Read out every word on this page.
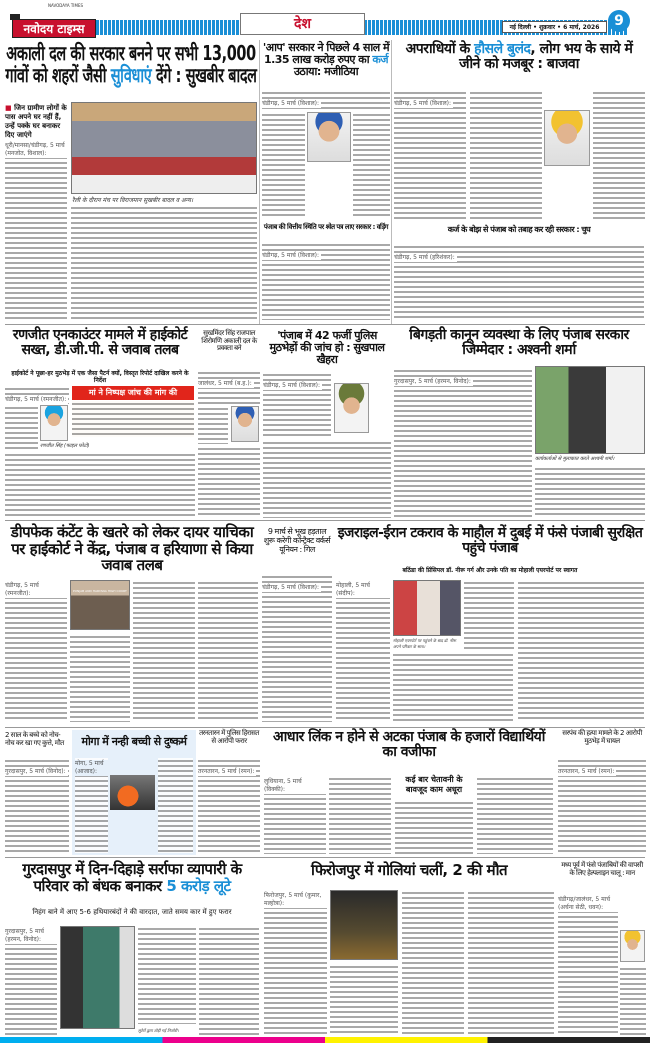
NAVODAYA TIMES
नवोदय टाइम्स	देश	नई दिल्ली • शुक्रवार • 6 मार्च, 2026	9
अकाली दल की सरकार बनने पर सभी 13,000 गांवों को शहरों जैसी सुविधाएं देंगे : सुखबीर बादल
■ जिन ग्रामीण लोगों के पास अपने घर नहीं हैं, उन्हें पक्के घर बनाकर दिए जाएंगे
रैली के दौरान मंच पर विराजमान सुखबीर बादल व अन्य।
धूरी/मानसा/चंडीगढ़, 5 मार्च (मनजोत, विशाल):
'आप' सरकार ने पिछले 4 साल में 1.35 लाख करोड़ रुपए का कर्ज उठाया: मजीठिया
चंडीगढ़, 5 मार्च (विशाल):
पंजाब की वित्तीय स्थिति पर श्वेत पत्र लाए सरकार : वड़िंग
चंडीगढ़, 5 मार्च (विशाल):
अपराधियों के हौसले बुलंद, लोग भय के साये में जीने को मजबूर : बाजवा
चंडीगढ़, 5 मार्च (विशाल):
कर्ज के बोझ से पंजाब को तबाह कर रही सरकार : चुघ
चंडीगढ़, 5 मार्च (हरिशंकर):
रणजीत एनकाउंटर मामले में हाईकोर्ट सख्त, डी.जी.पी. से जवाब तलब
हाईकोर्ट ने पूछा-हर मुठभेड़ में एक जैसा पैटर्न क्यों, विस्तृत रिपोर्ट दाखिल करने के निर्देश
मां ने निष्पक्ष जांच की मांग की
चंडीगढ़, 5 मार्च (रमनजीत):
रणजीत सिंह (फाइल फोटो)
सुखमिंदर सिंह राजपाल शिरोमणि अकाली दल के प्रवक्ता बने
जालंधर, 5 मार्च (ब.ह.):
'पंजाब में 42 फर्जी पुलिस मुठभेड़ों की जांच हो : सुखपाल खैहरा
चंडीगढ़, 5 मार्च (विशाल):
बिगड़ती कानून व्यवस्था के लिए पंजाब सरकार जिम्मेदार : अश्वनी शर्मा
कार्यकर्ताओं से मुलाकात करते अश्वनी शर्मा।
गुरदासपुर, 5 मार्च (हरमन, विनोद):
डीपफेक कंटेंट के खतरे को लेकर दायर याचिका पर हाईकोर्ट ने केंद्र, पंजाब व हरियाणा से किया जवाब तलब
PUNJAB AND HARYANA HIGH COURT
चंडीगढ़, 5 मार्च (रमनजीत):
9 मार्च से भूख हड़ताल शुरू करेगी कॉन्ट्रैक्ट वर्कर्स यूनियन : गिल
चंडीगढ़, 5 मार्च (विशाल):
इजराइल-ईरान टकराव के माहौल में दुबई में फंसे पंजाबी सुरक्षित पहुंचे पंजाब
बठिंडा की प्रिंसिपल डॉ. नीरू गर्ग और उनके पति का मोहाली एयरपोर्ट पर स्वागत
मोहाली एयरपोर्ट पर पहुंचने के बाद डॉ. नीरू अपने परिवार के साथ।
मोहाली, 5 मार्च (संदीप):
2 साल के बच्चे को नोच-नोच कर खा गए कुत्ते, मौत
गुरदासपुर, 5 मार्च (विनोद):
मोगा में नन्ही बच्ची से दुष्कर्म
मोगा, 5 मार्च (आजाद):
तरनतारन में पुलिस हिरासत से आरोपी फरार
तरनतारन, 5 मार्च (रमन):
आधार लिंक न होने से अटका पंजाब के हजारों विद्यार्थियों का वजीफा
कई बार चेतावनी के बावजूद काम अधूरा
लुधियाना, 5 मार्च (विक्की):
सरपंच की हत्या मामले के 2 आरोपी मुठभेड़ में घायल
तरनतारन, 5 मार्च (रमन):
गुरदासपुर में दिन-दिहाड़े सर्राफा व्यापारी के परिवार को बंधक बनाकर 5 करोड़ लूटे
निहंग बाने में आए 5-6 हथियारबंदों ने की वारदात, जाते समय कार में हुए फरार
लुटेरों द्वारा तोड़ी गई तिजोरी।
गुरदासपुर, 5 मार्च (हरमन, विनोद):
फिरोजपुर में गोलियां चलीं, 2 की मौत
फिरोजपुर, 5 मार्च (कुमार, मल्होत्रा):
मध्य पूर्व में फंसे पंजाबियों की वापसी के लिए हेल्पलाइन चालू : मान
चंडीगढ़/जालंधर, 5 मार्च (अर्चना सेठी, धवन):
